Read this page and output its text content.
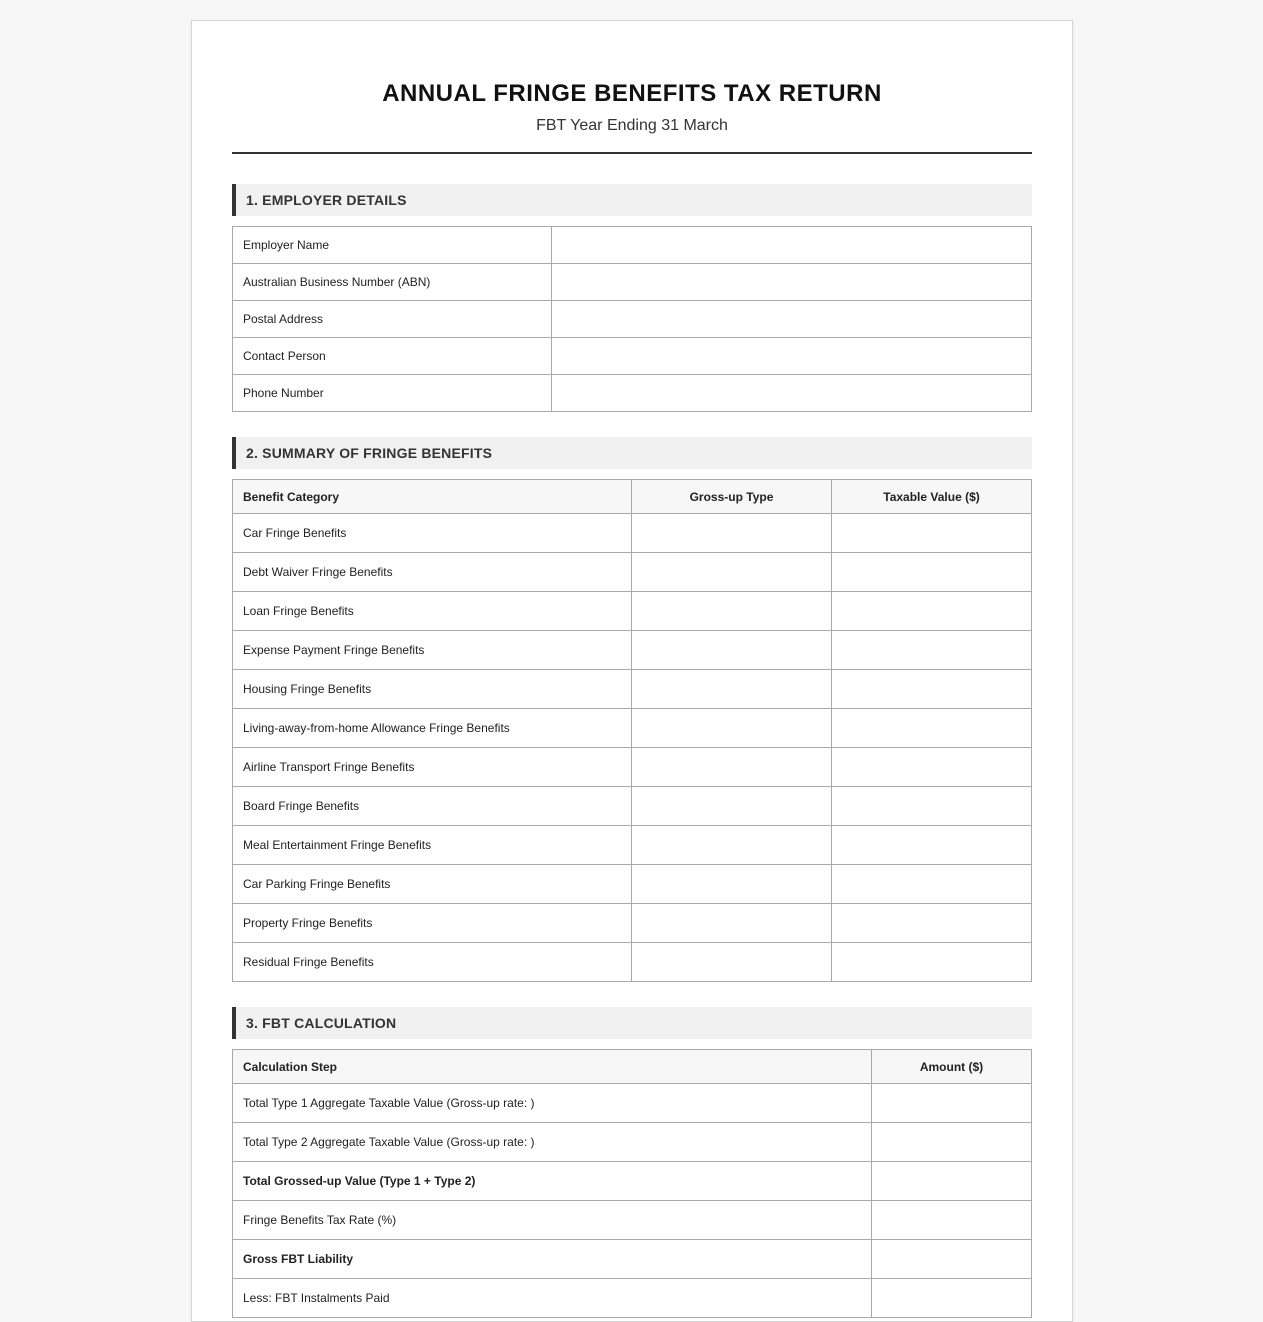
ANNUAL FRINGE BENEFITS TAX RETURN
FBT Year Ending 31 March
1. EMPLOYER DETAILS
Employer Name	
Australian Business Number (ABN)	
Postal Address	
Contact Person	
Phone Number	
2. SUMMARY OF FRINGE BENEFITS
Benefit Category	Gross-up Type	Taxable Value ($)
Car Fringe Benefits		
Debt Waiver Fringe Benefits		
Loan Fringe Benefits		
Expense Payment Fringe Benefits		
Housing Fringe Benefits		
Living-away-from-home Allowance Fringe Benefits		
Airline Transport Fringe Benefits		
Board Fringe Benefits		
Meal Entertainment Fringe Benefits		
Car Parking Fringe Benefits		
Property Fringe Benefits		
Residual Fringe Benefits		
3. FBT CALCULATION
Calculation Step	Amount ($)
Total Type 1 Aggregate Taxable Value (Gross-up rate: )	
Total Type 2 Aggregate Taxable Value (Gross-up rate: )	
Total Grossed-up Value (Type 1 + Type 2)	
Fringe Benefits Tax Rate (%)	
Gross FBT Liability	
Less: FBT Instalments Paid	
